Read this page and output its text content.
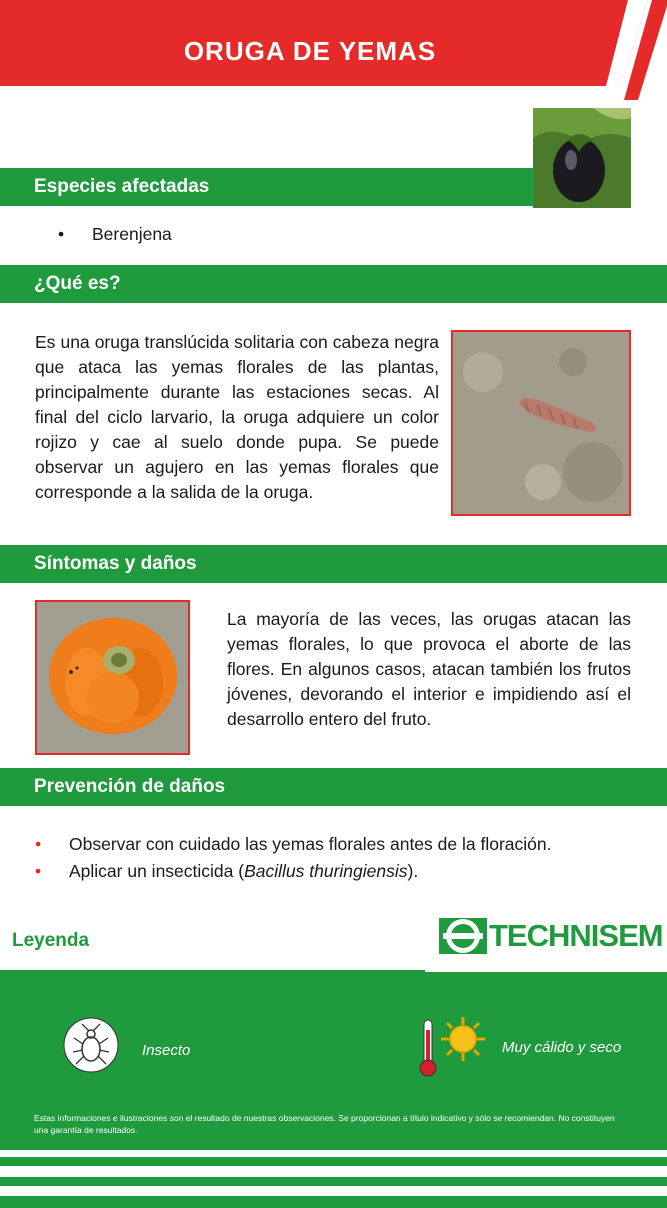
ORUGA DE YEMAS
Especies afectadas
• Berenjena
¿Qué es?
Es una oruga translúcida solitaria con cabeza negra que ataca las yemas florales de las plantas, principalmente durante las estaciones secas. Al final del ciclo larvario, la oruga adquiere un color rojizo y cae al suelo donde pupa. Se puede observar un agujero en las yemas florales que corresponde a la salida de la oruga.
Síntomas y daños
La mayoría de las veces, las orugas atacan las yemas florales, lo que provoca el aborte de las flores. En algunos casos, atacan también los frutos jóvenes, devorando el interior e impidiendo así el desarrollo entero del fruto.
Prevención de daños
• Observar con cuidado las yemas florales antes de la floración.
• Aplicar un insecticida (Bacillus thuringiensis).
Leyenda	TECHNISEM
Insecto	Muy cálido y seco
Estas informaciones e ilustraciones son el resultado de nuestras observaciones. Se proporcionan a título indicativo y sólo se recomiendan. No constituyen una garantía de resultados.
